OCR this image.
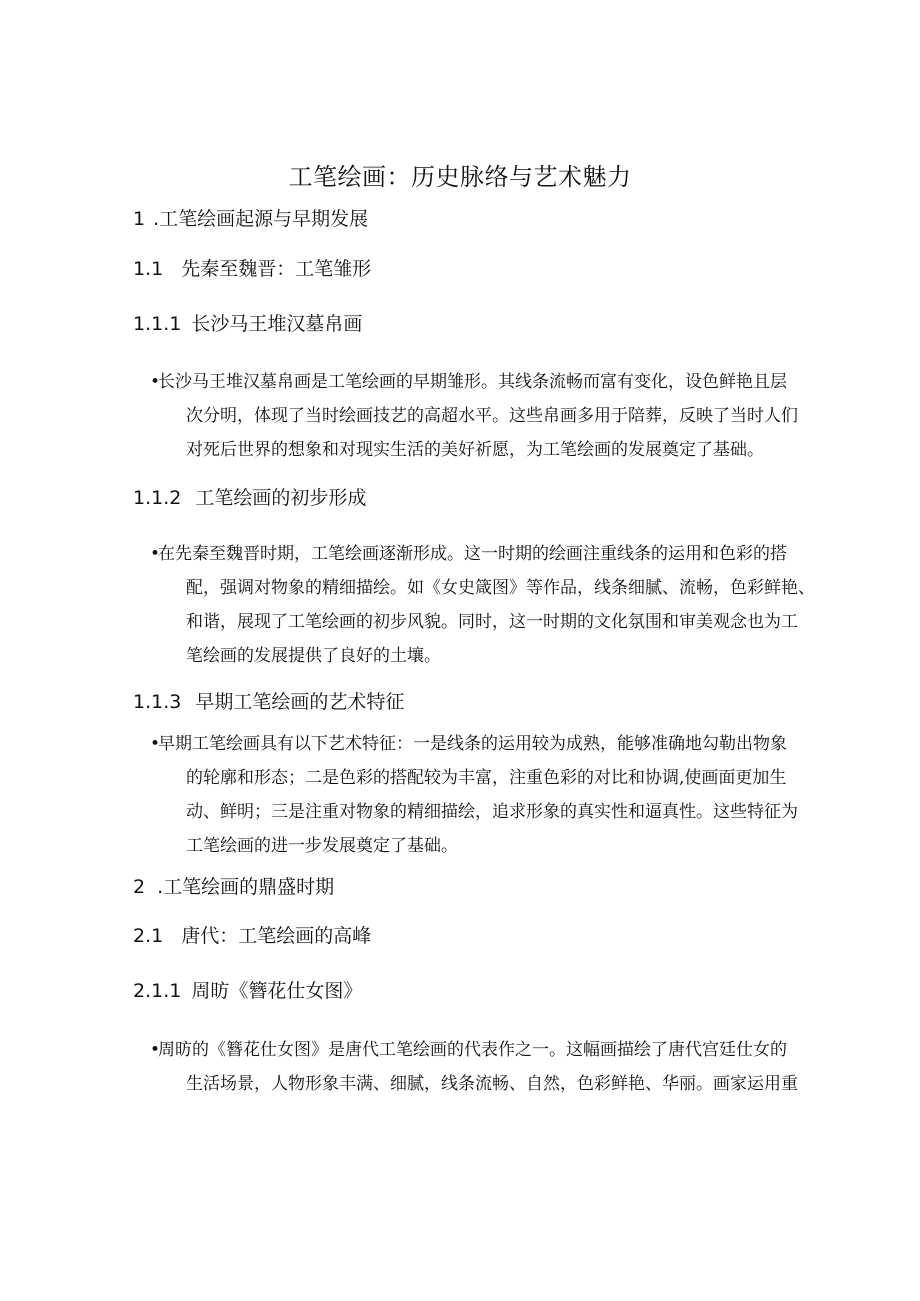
工笔绘画：历史脉络与艺术魅力
1 .工笔绘画起源与早期发展
1.1 先秦至魏晋：工笔雏形
1.1.1 长沙马王堆汉墓帛画
•长沙马王堆汉墓帛画是工笔绘画的早期雏形。其线条流畅而富有变化，设色鲜艳且层
次分明，体现了当时绘画技艺的高超水平。这些帛画多用于陪葬，反映了当时人们
对死后世界的想象和对现实生活的美好祈愿，为工笔绘画的发展奠定了基础。
1.1.2 工笔绘画的初步形成
•在先秦至魏晋时期，工笔绘画逐渐形成。这一时期的绘画注重线条的运用和色彩的搭
配，强调对物象的精细描绘。如《女史箴图》等作品，线条细腻、流畅，色彩鲜艳、
和谐，展现了工笔绘画的初步风貌。同时，这一时期的文化氛围和审美观念也为工
笔绘画的发展提供了良好的土壤。
1.1.3 早期工笔绘画的艺术特征
•早期工笔绘画具有以下艺术特征：一是线条的运用较为成熟，能够准确地勾勒出物象
的轮廓和形态；二是色彩的搭配较为丰富，注重色彩的对比和协调,使画面更加生
动、鲜明；三是注重对物象的精细描绘，追求形象的真实性和逼真性。这些特征为
工笔绘画的进一步发展奠定了基础。
2 .工笔绘画的鼎盛时期
2.1 唐代：工笔绘画的高峰
2.1.1 周昉《簪花仕女图》
•周昉的《簪花仕女图》是唐代工笔绘画的代表作之一。这幅画描绘了唐代宫廷仕女的
生活场景，人物形象丰满、细腻，线条流畅、自然，色彩鲜艳、华丽。画家运用重
